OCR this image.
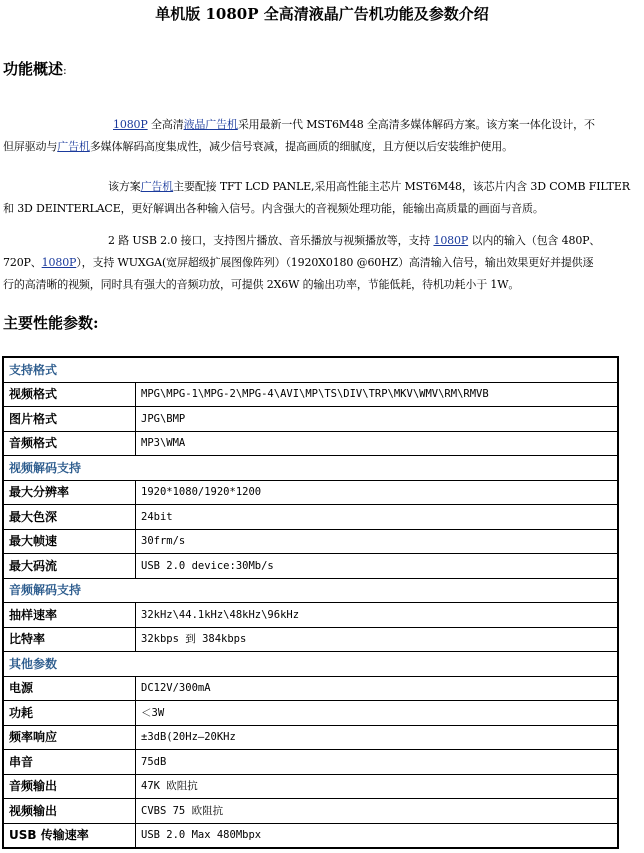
单机版 1080P 全高清液晶广告机功能及参数介绍
功能概述:
1080P 全高清液晶广告机采用最新一代 MST6M48 全高清多媒体解码方案。该方案一体化设计，不
但屏驱动与广告机多媒体解码高度集成性，减少信号衰减，提高画质的细腻度，且方便以后安装维护使用。
该方案广告机主要配接 TFT LCD PANLE,采用高性能主芯片 MST6M48，该芯片内含 3D COMB FILTER
和 3D DEINTERLACE，更好解调出各种输入信号。内含强大的音视频处理功能，能输出高质量的画面与音质。
2 路 USB 2.0 接口，支持图片播放、音乐播放与视频播放等，支持 1080P 以内的输入（包含 480P、
720P、1080P），支持 WUXGA(宽屏超级扩展图像阵列）（1920X0180 @60HZ）高清输入信号，输出效果更好并提供逐
行的高清晰的视频，同时具有强大的音频功放，可提供 2X6W 的输出功率，节能低耗，待机功耗小于 1W。
主要性能参数:
支持格式	
视频格式	MPG\MPG-1\MPG-2\MPG-4\AVI\MP\TS\DIV\TRP\MKV\WMV\RM\RMVB
图片格式	JPG\BMP
音频格式	MP3\WMA
视频解码支持	
最大分辨率	1920*1080/1920*1200
最大色深	24bit
最大帧速	30frm/s
最大码流	USB 2.0 device:30Mb/s
音频解码支持	
抽样速率	32kHz\44.1kHz\48kHz\96kHz
比特率	32kbps 到 384kbps
其他参数	
电源	DC12V/300mA
功耗	＜3W
频率响应	±3dB(20Hz—20KHz
串音	75dB
音频输出	47K 欧阻抗
视频输出	CVBS 75 欧阻抗
USB 传输速率	USB 2.0 Max 480Mbpx
